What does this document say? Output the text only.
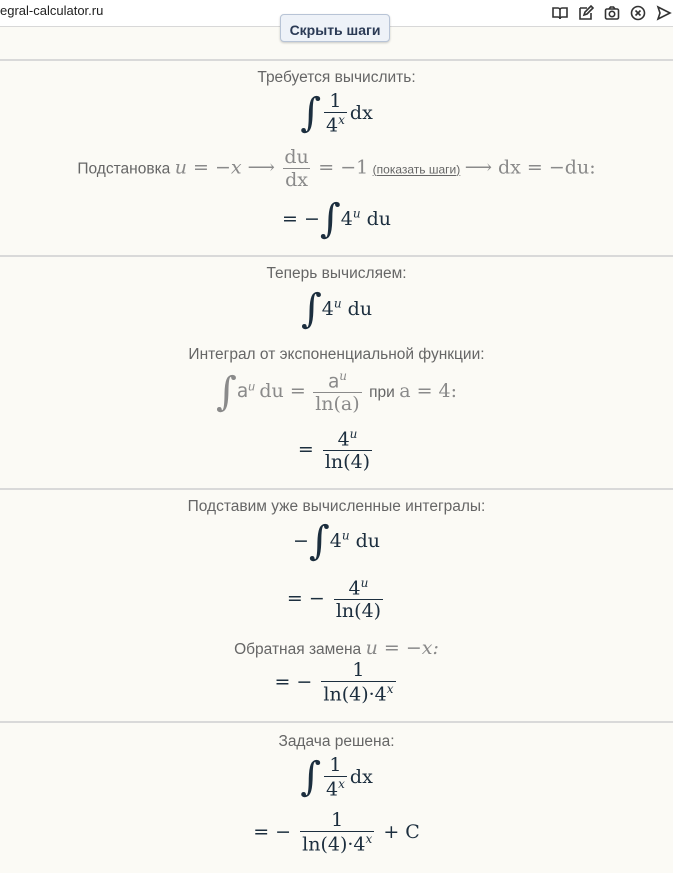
egral-calculator.ru
Скрыть шаги
Требуется вычислить:
∫ $\frac{1}{4^x}$ dx
Подстановка u = −x ⟶ $\frac{du}{dx} = -1$ (показать шаги) ⟶ dx = −du:
= $-\int 4^u$ du
Теперь вычисляем:
∫4$^u$ du
Интеграл от экспоненциальной функции:
$\int a^u$ du = $\frac{a^u}{\ln(a)}$ при a = 4:
= $\frac{4^u}{\ln(4)}$
Подставим уже вычисленные интегралы:
$-\int 4^u$ du
= − $\frac{4^u}{\ln(4)}$
Обратная замена u = −x:
= − $\frac{1}{\ln(4)\cdot 4^x}$
Задача решена:
∫ $\frac{1}{4^x}$ dx
= − $\frac{1}{\ln(4)\cdot 4^x} + C$
